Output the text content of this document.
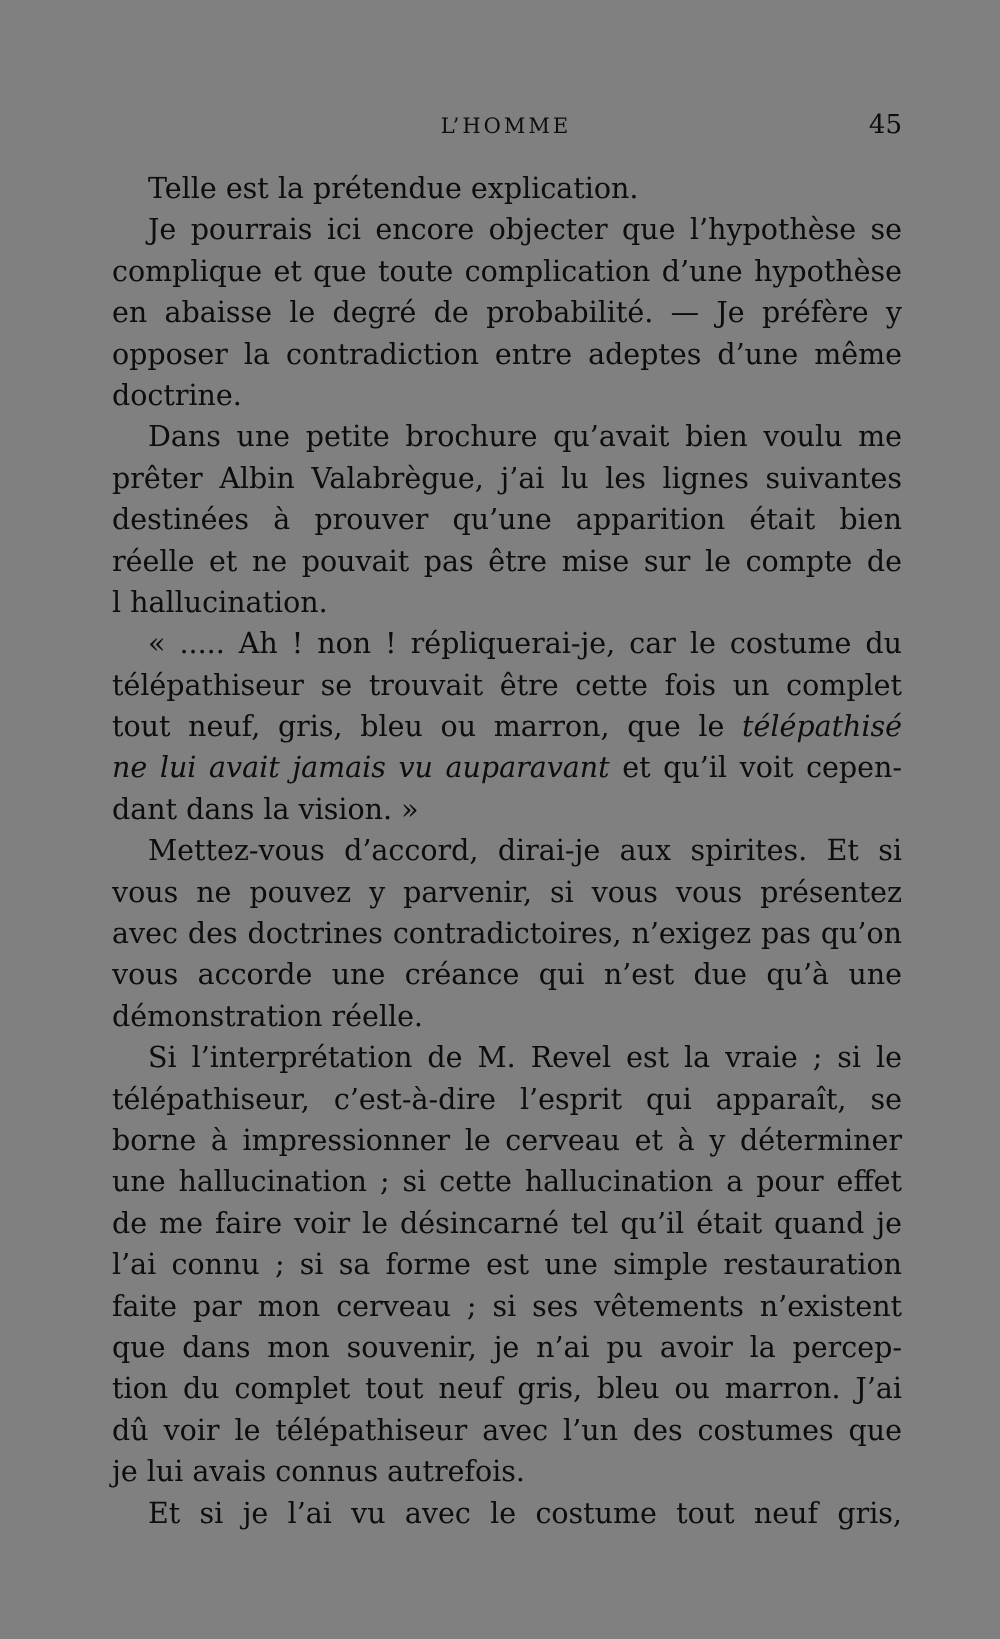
L’HOMME	45
Telle est la prétendue explication.
Je pourrais ici encore objecter que l’hypothèse se
complique et que toute complication d’une hypothèse
en abaisse le degré de probabilité. — Je préfère y
opposer la contradiction entre adeptes d’une même
doctrine.
Dans une petite brochure qu’avait bien voulu me
prêter Albin Valabrègue, j’ai lu les lignes suivantes
destinées à prouver qu’une apparition était bien
réelle et ne pouvait pas être mise sur le compte de
l hallucination.
« ..... Ah ! non ! répliquerai-je, car le costume du
télépathiseur se trouvait être cette fois un complet
tout neuf, gris, bleu ou marron, que le télépathisé
ne lui avait jamais vu auparavant et qu’il voit cepen-
dant dans la vision. »
Mettez-vous d’accord, dirai-je aux spirites. Et si
vous ne pouvez y parvenir, si vous vous présentez
avec des doctrines contradictoires, n’exigez pas qu’on
vous accorde une créance qui n’est due qu’à une
démonstration réelle.
Si l’interprétation de M. Revel est la vraie ; si le
télépathiseur, c’est-à-dire l’esprit qui apparaît, se
borne à impressionner le cerveau et à y déterminer
une hallucination ; si cette hallucination a pour effet
de me faire voir le désincarné tel qu’il était quand je
l’ai connu ; si sa forme est une simple restauration
faite par mon cerveau ; si ses vêtements n’existent
que dans mon souvenir, je n’ai pu avoir la percep-
tion du complet tout neuf gris, bleu ou marron. J’ai
dû voir le télépathiseur avec l’un des costumes que
je lui avais connus autrefois.
Et si je l’ai vu avec le costume tout neuf gris,
